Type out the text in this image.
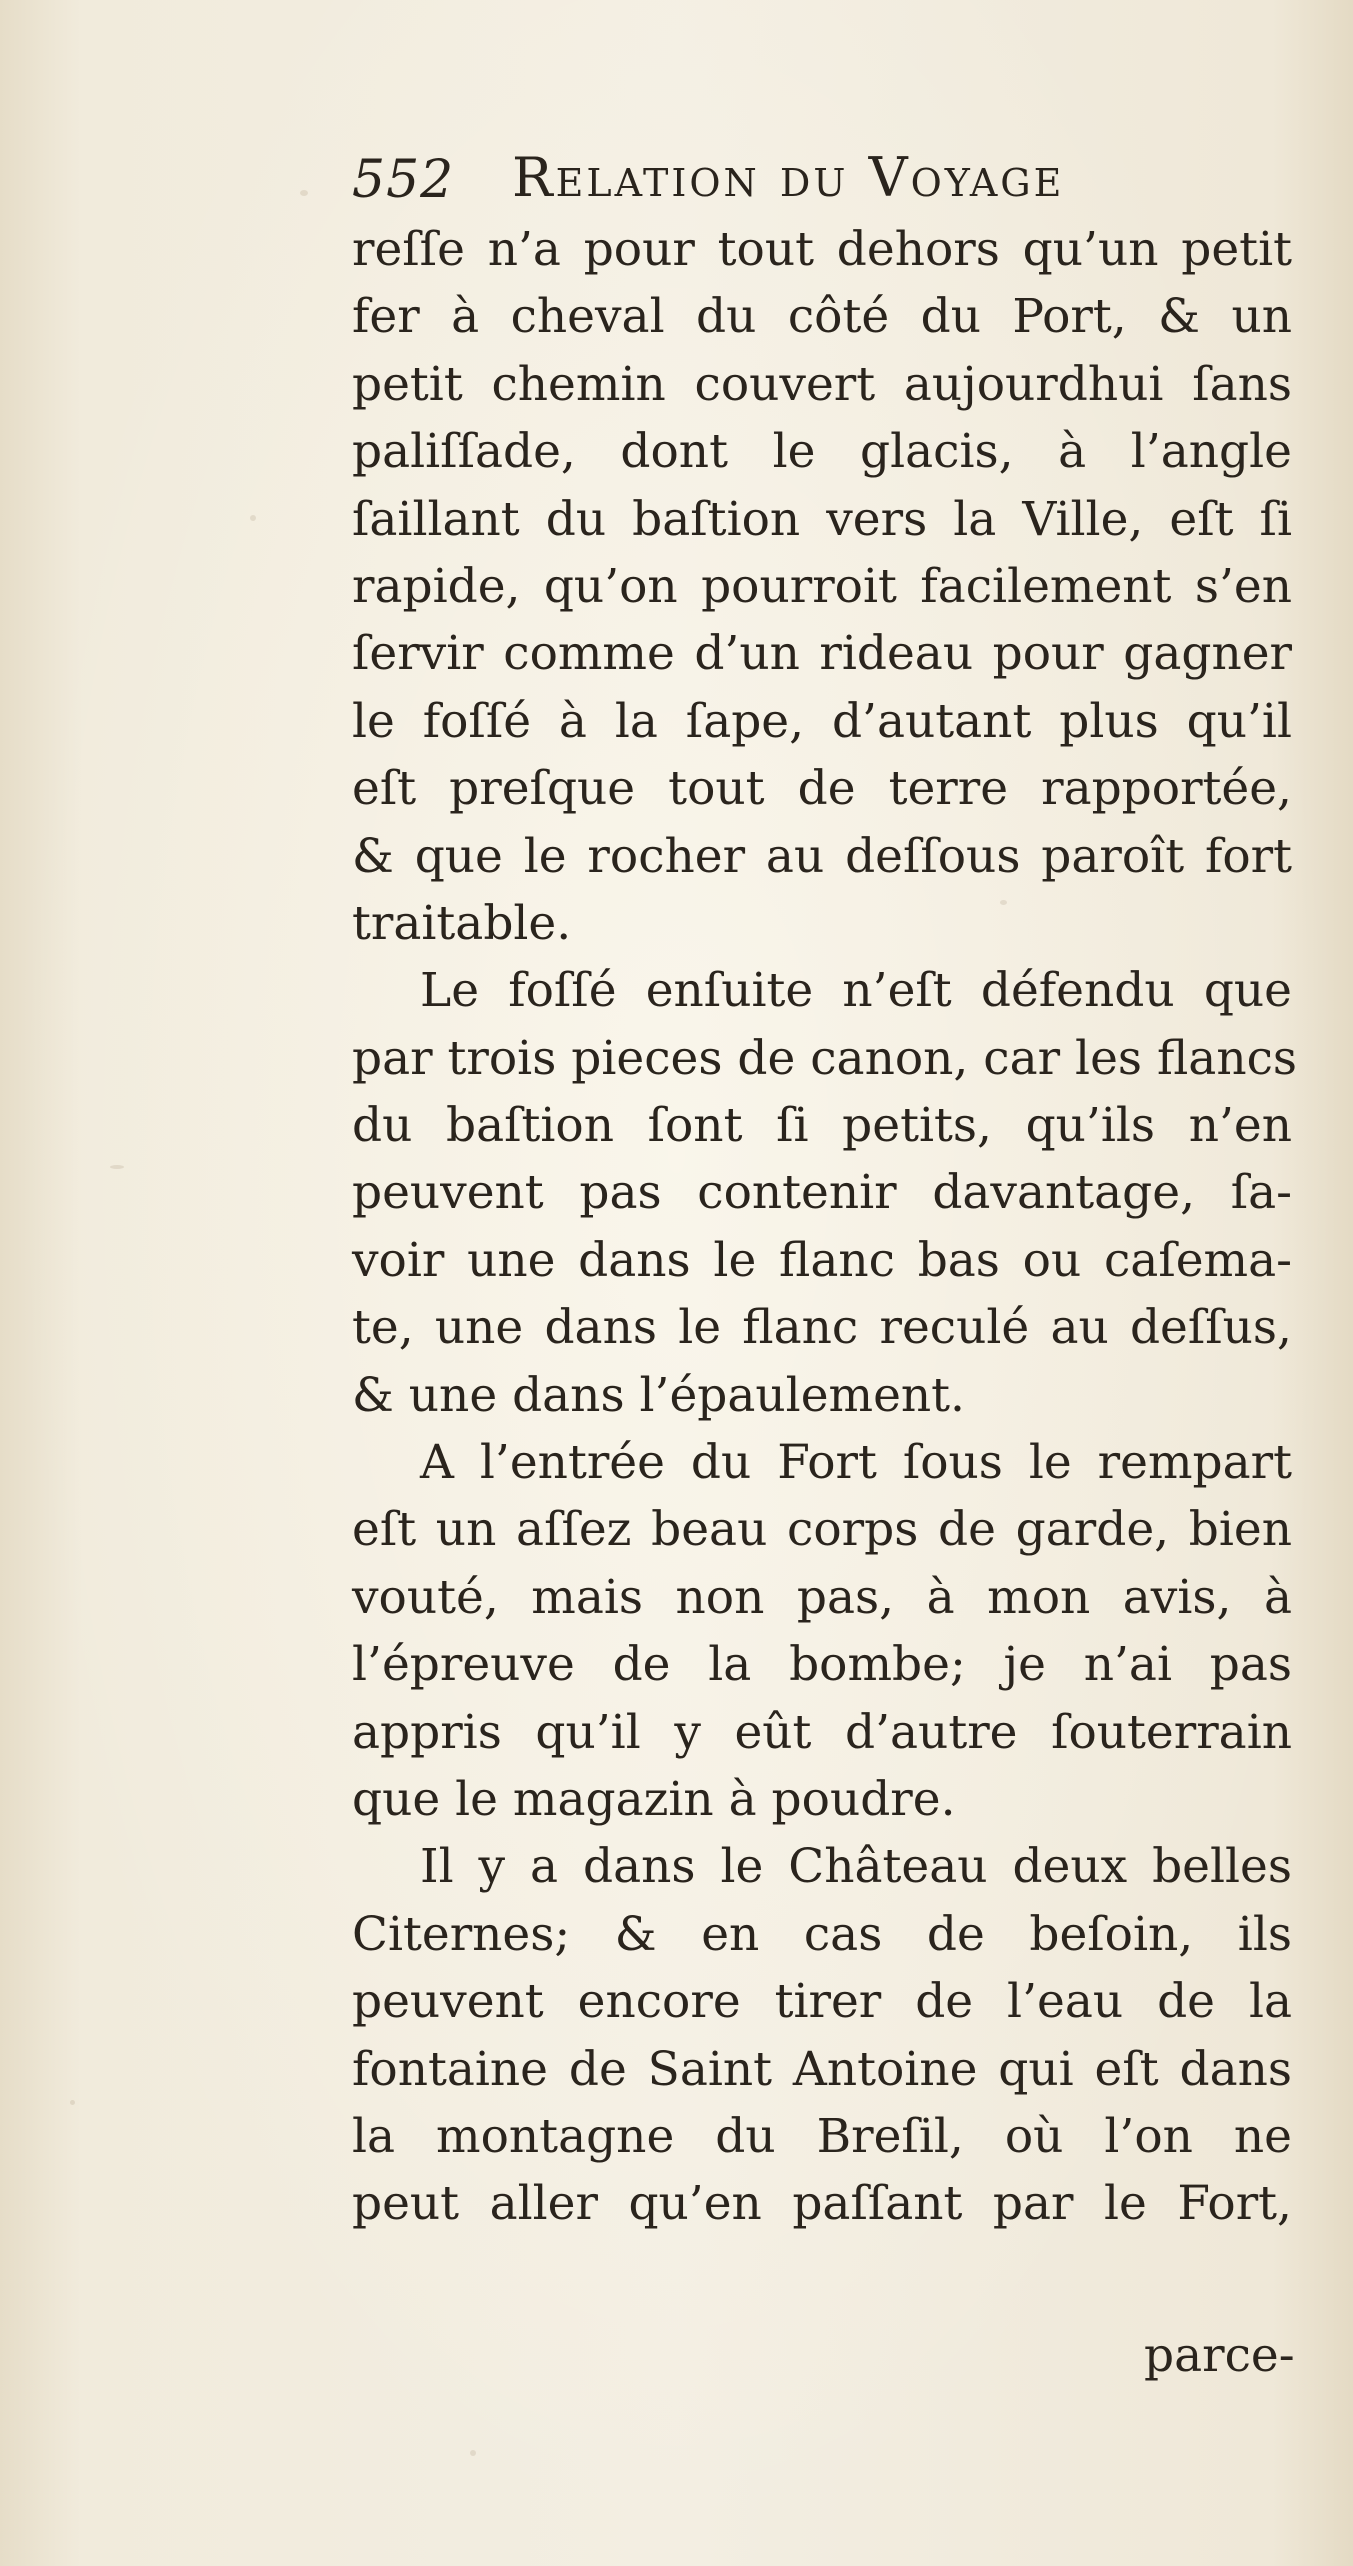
552 Relation du Voyage
reſſe n’a pour tout dehors qu’un petit
fer à cheval du côté du Port, & un
petit chemin couvert aujourdhui ſans
paliſſade, dont le glacis, à l’angle
ſaillant du baſtion vers la Ville, eſt ſi
rapide, qu’on pourroit facilement s’en
ſervir comme d’un rideau pour gagner
le foſſé à la ſape, d’autant plus qu’il
eſt preſque tout de terre rapportée,
& que le rocher au deſſous paroît fort
traitable.
Le foſſé enſuite n’eſt défendu que
par trois pieces de canon, car les flancs
du baſtion ſont ſi petits, qu’ils n’en
peuvent pas contenir davantage, ſa-
voir une dans le flanc bas ou caſema-
te, une dans le flanc reculé au deſſus,
& une dans l’épaulement.
A l’entrée du Fort ſous le rempart
eſt un aſſez beau corps de garde, bien
vouté, mais non pas, à mon avis, à
l’épreuve de la bombe; je n’ai pas
appris qu’il y eût d’autre ſouterrain
que le magazin à poudre.
Il y a dans le Château deux belles
Citernes; & en cas de beſoin, ils
peuvent encore tirer de l’eau de la
fontaine de Saint Antoine qui eſt dans
la montagne du Breſil, où l’on ne
peut aller qu’en paſſant par le Fort,
parce-
